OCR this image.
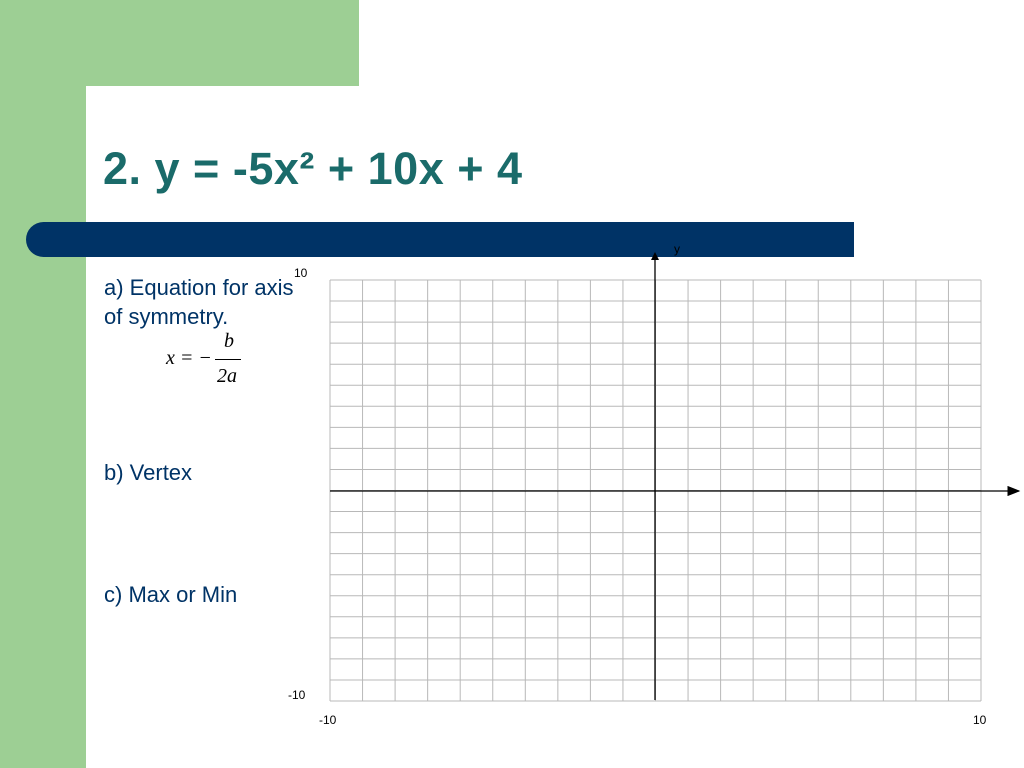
2. y = -5x² + 10x + 4
a) Equation for axis
of symmetry.
x = −
b
2a
b) Vertex
c) Max or Min
y
10
-10
-10	10
